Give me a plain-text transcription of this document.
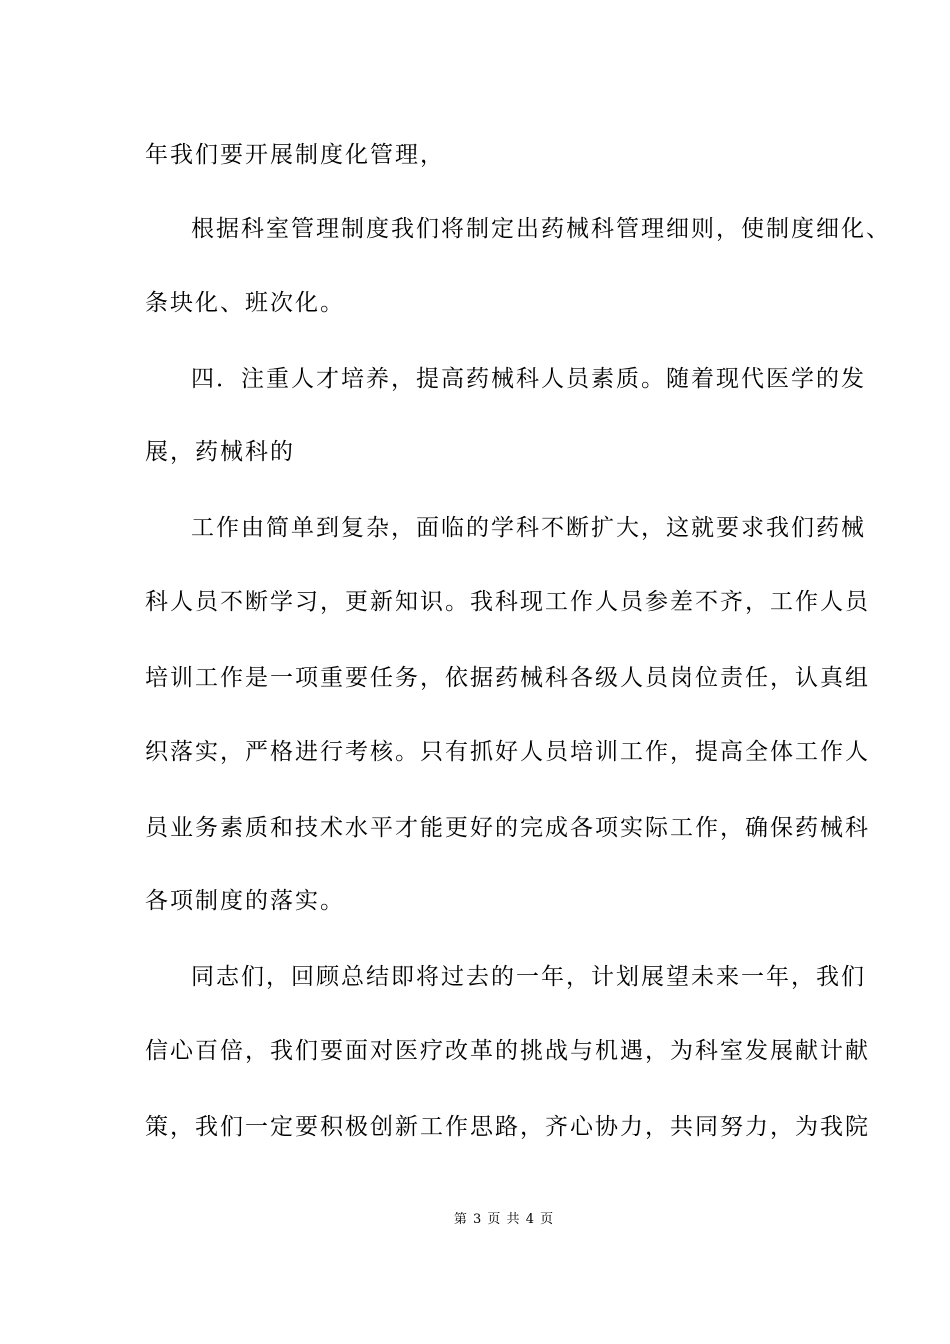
年我们要开展制度化管理，
根据科室管理制度我们将制定出药械科管理细则，使制度细化、
条块化、班次化。
四．注重人才培养，提高药械科人员素质。随着现代医学的发
展，药械科的
工作由简单到复杂，面临的学科不断扩大，这就要求我们药械
科人员不断学习，更新知识。我科现工作人员参差不齐，工作人员
培训工作是一项重要任务，依据药械科各级人员岗位责任，认真组
织落实，严格进行考核。只有抓好人员培训工作，提高全体工作人
员业务素质和技术水平才能更好的完成各项实际工作，确保药械科
各项制度的落实。
同志们，回顾总结即将过去的一年，计划展望未来一年，我们
信心百倍，我们要面对医疗改革的挑战与机遇，为科室发展献计献
策，我们一定要积极创新工作思路，齐心协力，共同努力，为我院
第 3 页 共 4 页
